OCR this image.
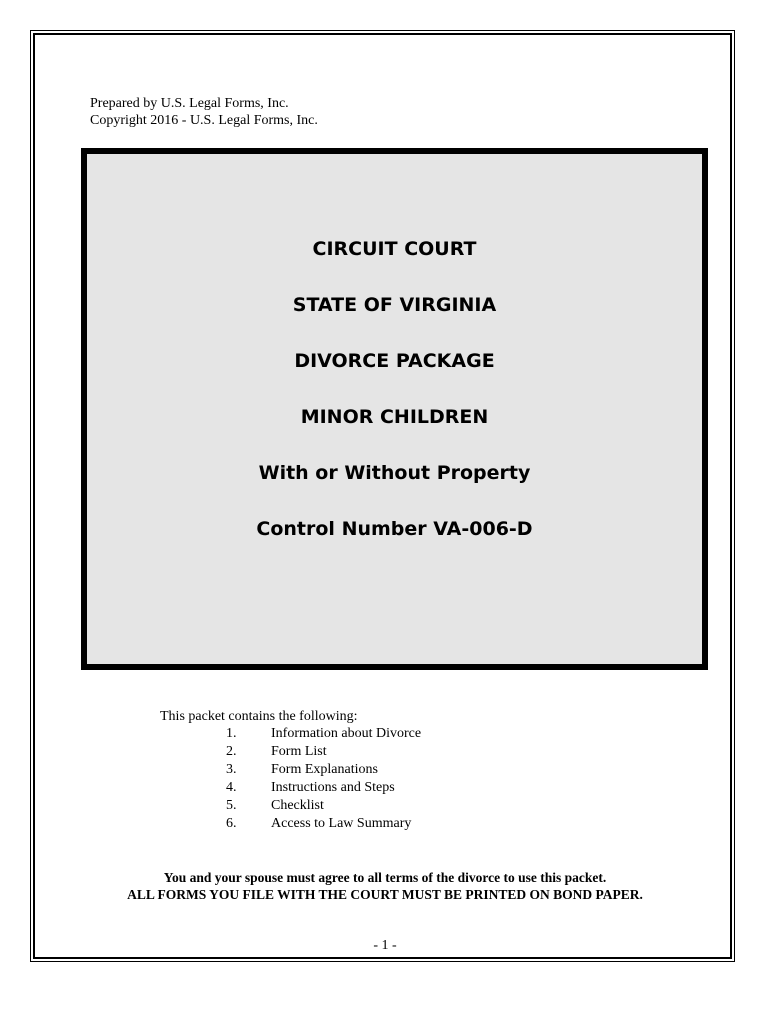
Prepared by U.S. Legal Forms, Inc.
Copyright 2016 - U.S. Legal Forms, Inc.
CIRCUIT COURT
STATE OF VIRGINIA
DIVORCE PACKAGE
MINOR CHILDREN
With or Without Property
Control Number VA-006-D
This packet contains the following:
1.	Information about Divorce
2.	Form List
3.	Form Explanations
4.	Instructions and Steps
5.	Checklist
6.	Access to Law Summary
You and your spouse must agree to all terms of the divorce to use this packet.
ALL FORMS YOU FILE WITH THE COURT MUST BE PRINTED ON BOND PAPER.
- 1 -
